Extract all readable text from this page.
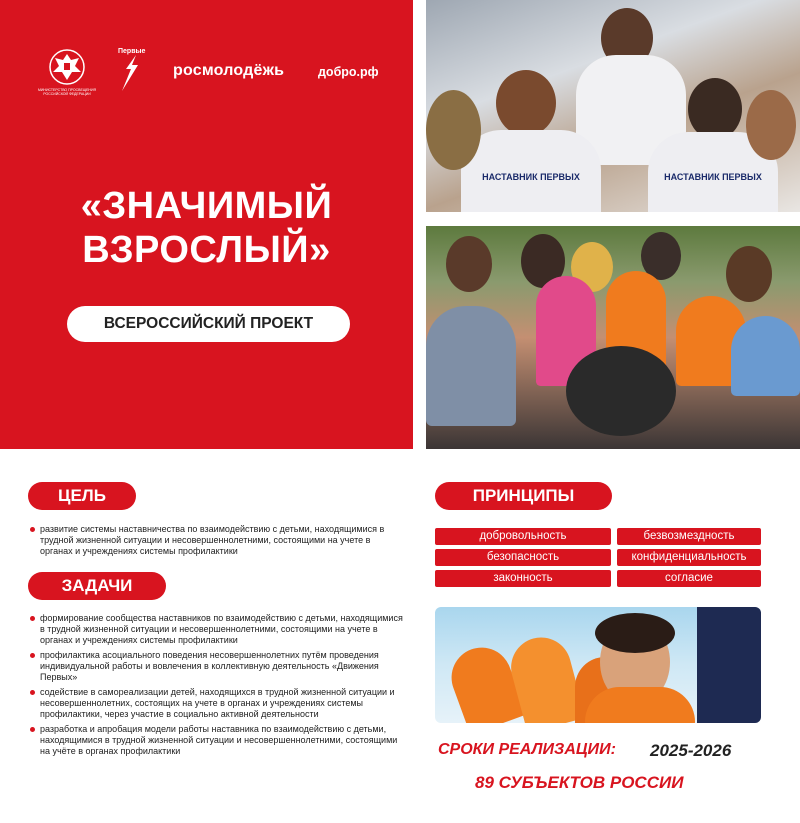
МИНИСТЕРСТВО ПРОСВЕЩЕНИЯ РОССИЙСКОЙ ФЕДЕРАЦИИ
Первые
росмолодёжь	добро.рф
«ЗНАЧИМЫЙ
ВЗРОСЛЫЙ»
ВСЕРОССИЙСКИЙ ПРОЕКТ
НАСТАВНИК ПЕРВЫХ	НАСТАВНИК ПЕРВЫХ
ЦЕЛЬ
развитие системы наставничества по взаимодействию с детьми, находящимися в трудной жизненной ситуации и несовершеннолетними, состоящими на учете в органах и учреждениях системы профилактики
ЗАДАЧИ
формирование сообщества наставников по взаимодействию с детьми, находящимися в трудной жизненной ситуации и несовершеннолетними, состоящими на учете в органах и учреждениях системы профилактики
профилактика асоциального поведения несовершеннолетних путём проведения индивидуальной работы и вовлечения в коллективную деятельность «Движения Первых»
содействие в самореализации детей, находящихся в трудной жизненной ситуации и несовершеннолетних, состоящих на учете в органах и учреждениях системы профилактики, через участие в социально активной деятельности
разработка и апробация модели работы наставника по взаимодействию с детьми, находящимися в трудной жизненной ситуации и несовершеннолетними, состоящими на учёте в органах профилактики
ПРИНЦИПЫ
добровольность	безвозмездность
безопасность	конфиденциальность
законность	согласие
СРОКИ РЕАЛИЗАЦИИ: 2025-2026
89 СУБЪЕКТОВ РОССИИ
